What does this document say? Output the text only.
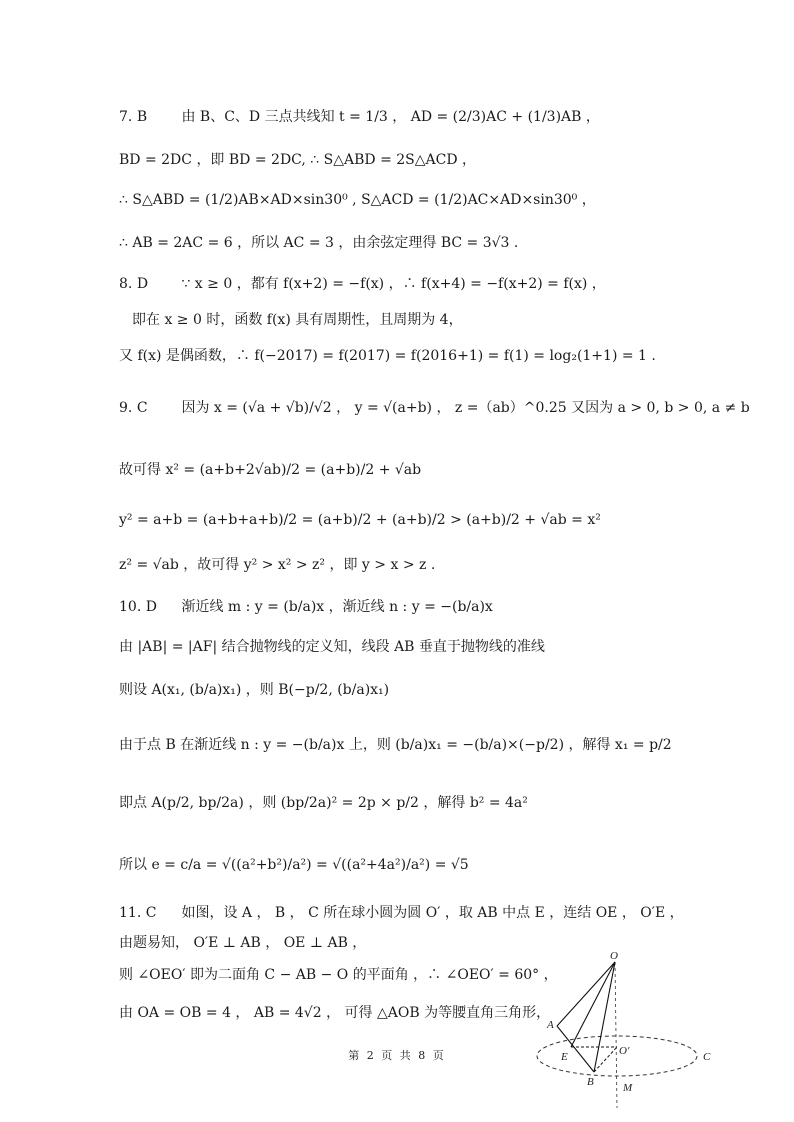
7. B 由 B、C、D 三点共线知 t = 1/3 ， AD = (2/3)AC + (1/3)AB ，
BD = 2DC ，即 BD = 2DC, ∴ S△ABD = 2S△ACD ，
∴ S△ABD = (1/2)AB×AD×sin30⁰ , S△ACD = (1/2)AC×AD×sin30⁰ ，
∴ AB = 2AC = 6 ，所以 AC = 3 ，由余弦定理得 BC = 3√3 .
8. D ∵ x ≥ 0 ，都有 f(x+2) = −f(x) ，∴ f(x+4) = −f(x+2) = f(x) ，
即在 x ≥ 0 时，函数 f(x) 具有周期性，且周期为 4，
又 f(x) 是偶函数，∴ f(−2017) = f(2017) = f(2016+1) = f(1) = log₂(1+1) = 1 .
9. C 因为 x = (√a + √b)/√2 ， y = √(a+b) ， z =（ab）^0.25 又因为 a > 0, b > 0, a ≠ b
故可得 x² = (a+b+2√ab)/2 = (a+b)/2 + √ab
y² = a+b = (a+b+a+b)/2 = (a+b)/2 + (a+b)/2 > (a+b)/2 + √ab = x²
z² = √ab ，故可得 y² > x² > z² ，即 y > x > z .
10. D 渐近线 m : y = (b/a)x ，渐近线 n : y = −(b/a)x
由 |AB| = |AF| 结合抛物线的定义知，线段 AB 垂直于抛物线的准线
则设 A(x₁, (b/a)x₁) ，则 B(−p/2, (b/a)x₁)
由于点 B 在渐近线 n : y = −(b/a)x 上，则 (b/a)x₁ = −(b/a)×(−p/2) ，解得 x₁ = p/2
即点 A(p/2, bp/2a) ，则 (bp/2a)² = 2p × p/2 ，解得 b² = 4a²
所以 e = c/a = √((a²+b²)/a²) = √((a²+4a²)/a²) = √5
11. C 如图，设 A ， B ， C 所在球小圆为圆 O′ ，取 AB 中点 E ，连结 OE ， O′E ，
由题易知， O′E ⊥ AB ， OE ⊥ AB ，
则 ∠OEO′ 即为二面角 C − AB − O 的平面角 ，∴ ∠OEO′ = 60° ，
由 OA = OB = 4 ， AB = 4√2 ， 可得 △AOB 为等腰直角三角形，
O
A
E	O′
B
C
M
第 2 页 共 8 页
